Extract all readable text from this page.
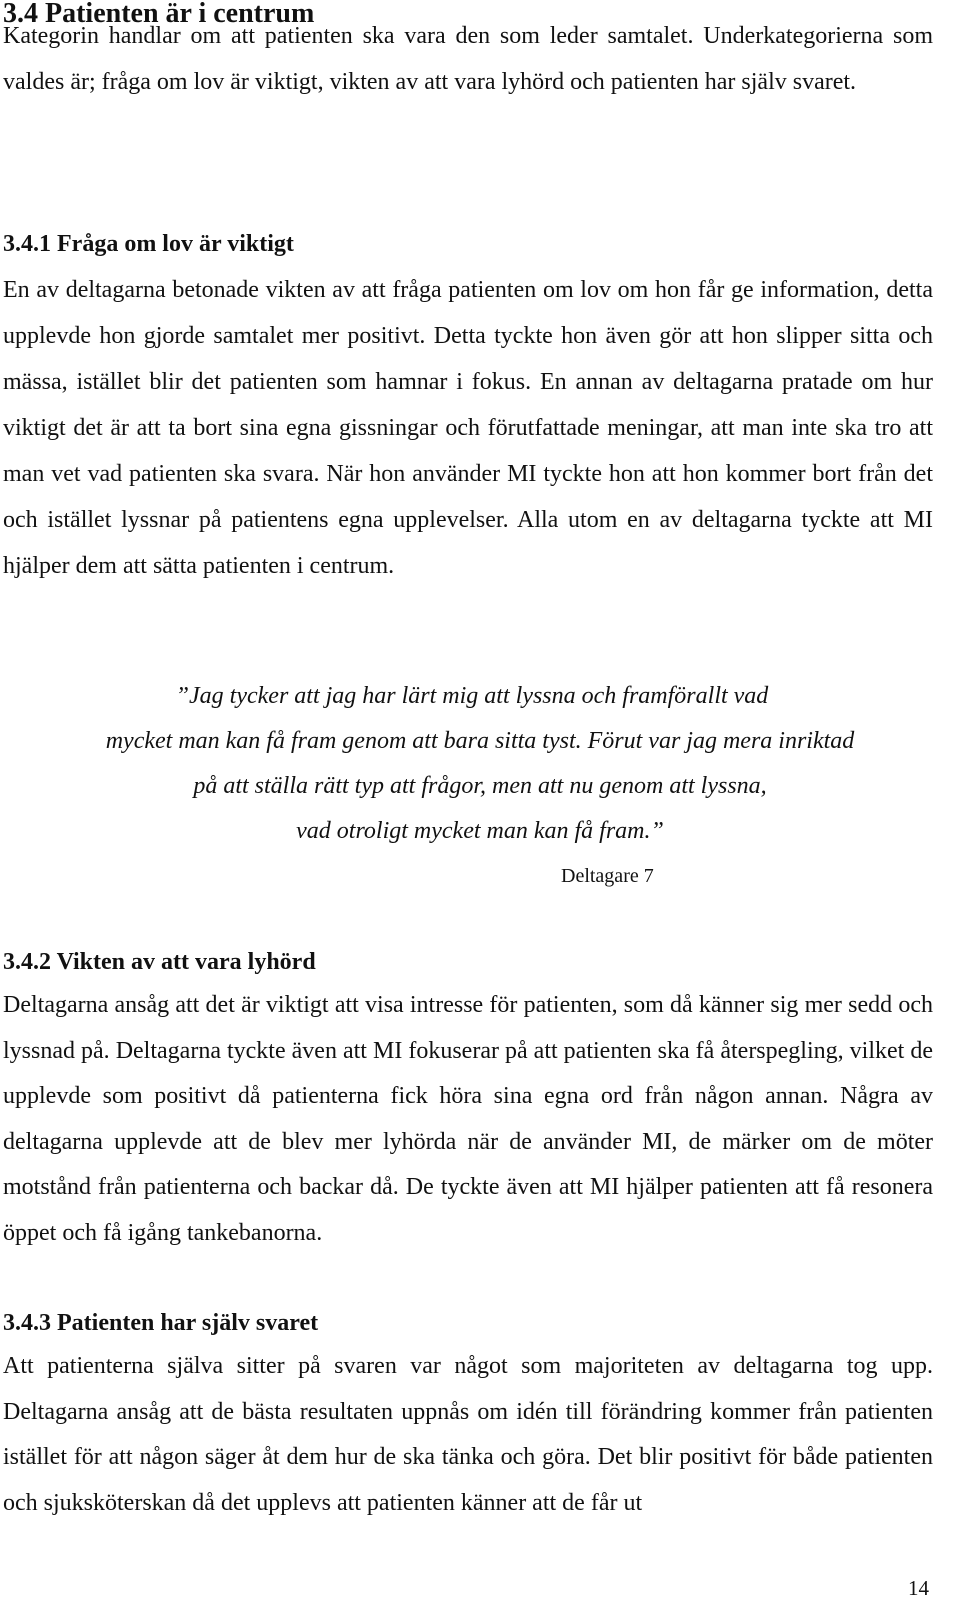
3.4 Patienten är i centrum

Kategorin handlar om att patienten ska vara den som leder samtalet. Underkategorierna som valdes är; fråga om lov är viktigt, vikten av att vara lyhörd och patienten har själv svaret.

3.4.1 Fråga om lov är viktigt

En av deltagarna betonade vikten av att fråga patienten om lov om hon får ge information, detta upplevde hon gjorde samtalet mer positivt. Detta tyckte hon även gör att hon slipper sitta och mässa, istället blir det patienten som hamnar i fokus. En annan av deltagarna pratade om hur viktigt det är att ta bort sina egna gissningar och förutfattade meningar, att man inte ska tro att man vet vad patienten ska svara. När hon använder MI tyckte hon att hon kommer bort från det och istället lyssnar på patientens egna upplevelser. Alla utom en av deltagarna tyckte att MI hjälper dem att sätta patienten i centrum.

”Jag tycker att jag har lärt mig att lyssna och framförallt vad

mycket man kan få fram genom att bara sitta tyst. Förut var jag mera inriktad

på att ställa rätt typ att frågor, men att nu genom att lyssna,

vad otroligt mycket man kan få fram.”

Deltagare 7

3.4.2 Vikten av att vara lyhörd

Deltagarna ansåg att det är viktigt att visa intresse för patienten, som då känner sig mer sedd och lyssnad på. Deltagarna tyckte även att MI fokuserar på att patienten ska få återspegling, vilket de upplevde som positivt då patienterna fick höra sina egna ord från någon annan. Några av deltagarna upplevde att de blev mer lyhörda när de använder MI, de märker om de möter motstånd från patienterna och backar då. De tyckte även att MI hjälper patienten att få resonera öppet och få igång tankebanorna.

3.4.3 Patienten har själv svaret

Att patienterna själva sitter på svaren var något som majoriteten av deltagarna tog upp. Deltagarna ansåg att de bästa resultaten uppnås om idén till förändring kommer från patienten istället för att någon säger åt dem hur de ska tänka och göra. Det blir positivt för både patienten och sjuksköterskan då det upplevs att patienten känner att de får ut

14
